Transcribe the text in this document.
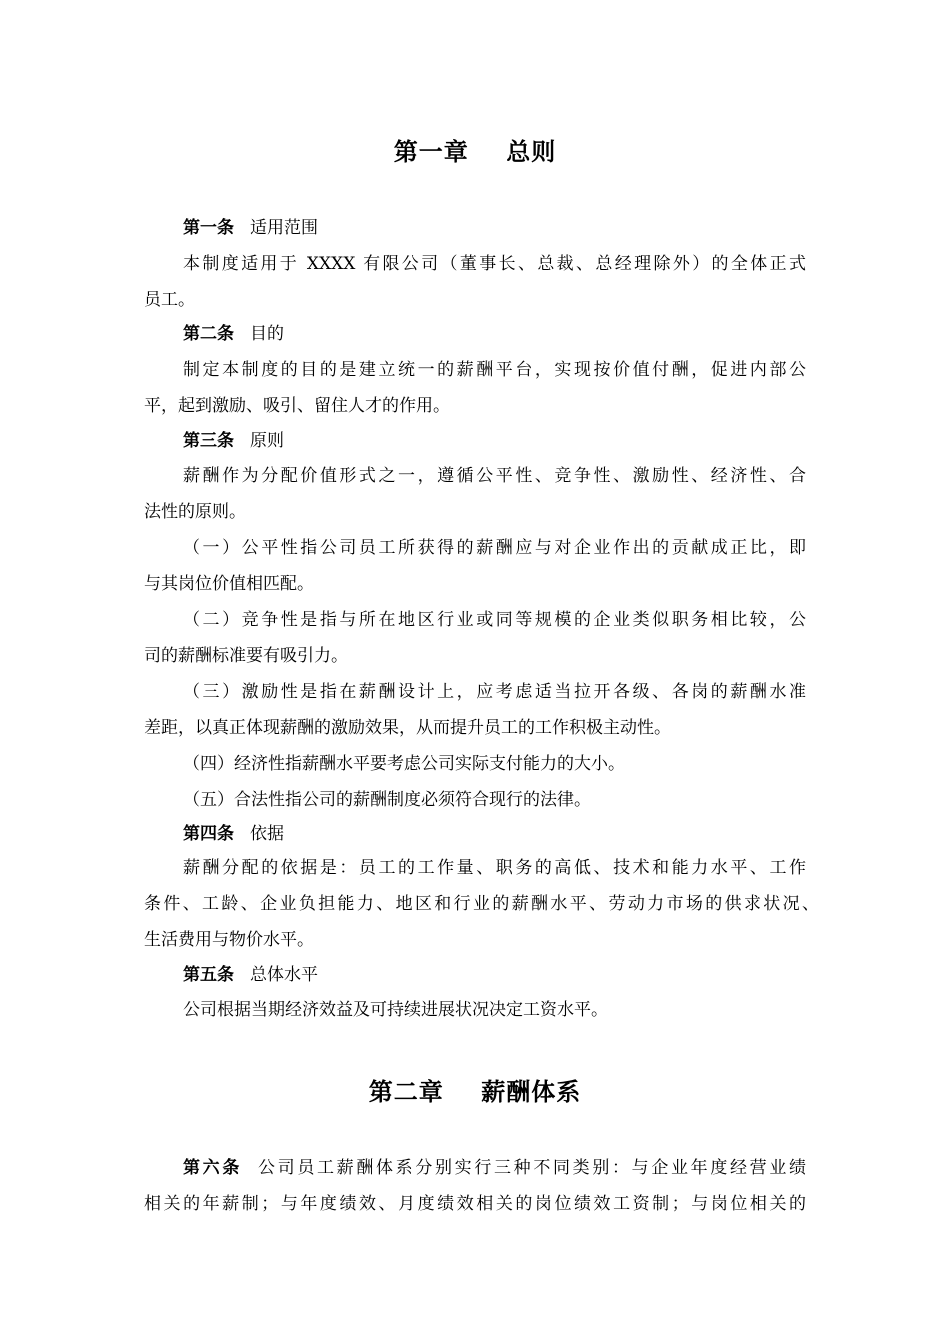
第一章    总则
第一条 适用范围
本制度适用于 XXXX 有限公司（董事长、总裁、总经理除外）的全体正式
员工。
第二条 目的
制定本制度的目的是建立统一的薪酬平台，实现按价值付酬，促进内部公
平，起到激励、吸引、留住人才的作用。
第三条 原则
薪酬作为分配价值形式之一，遵循公平性、竞争性、激励性、经济性、合
法性的原则。
（一）公平性指公司员工所获得的薪酬应与对企业作出的贡献成正比，即
与其岗位价值相匹配。
（二）竞争性是指与所在地区行业或同等规模的企业类似职务相比较，公
司的薪酬标准要有吸引力。
（三）激励性是指在薪酬设计上，应考虑适当拉开各级、各岗的薪酬水准
差距，以真正体现薪酬的激励效果，从而提升员工的工作积极主动性。
（四）经济性指薪酬水平要考虑公司实际支付能力的大小。
（五）合法性指公司的薪酬制度必须符合现行的法律。
第四条 依据
薪酬分配的依据是：员工的工作量、职务的高低、技术和能力水平、工作
条件、工龄、企业负担能力、地区和行业的薪酬水平、劳动力市场的供求状况、
生活费用与物价水平。
第五条 总体水平
公司根据当期经济效益及可持续进展状况决定工资水平。
第二章    薪酬体系
第六条 公司员工薪酬体系分别实行三种不同类别：与企业年度经营业绩
相关的年薪制；与年度绩效、月度绩效相关的岗位绩效工资制；与岗位相关的
